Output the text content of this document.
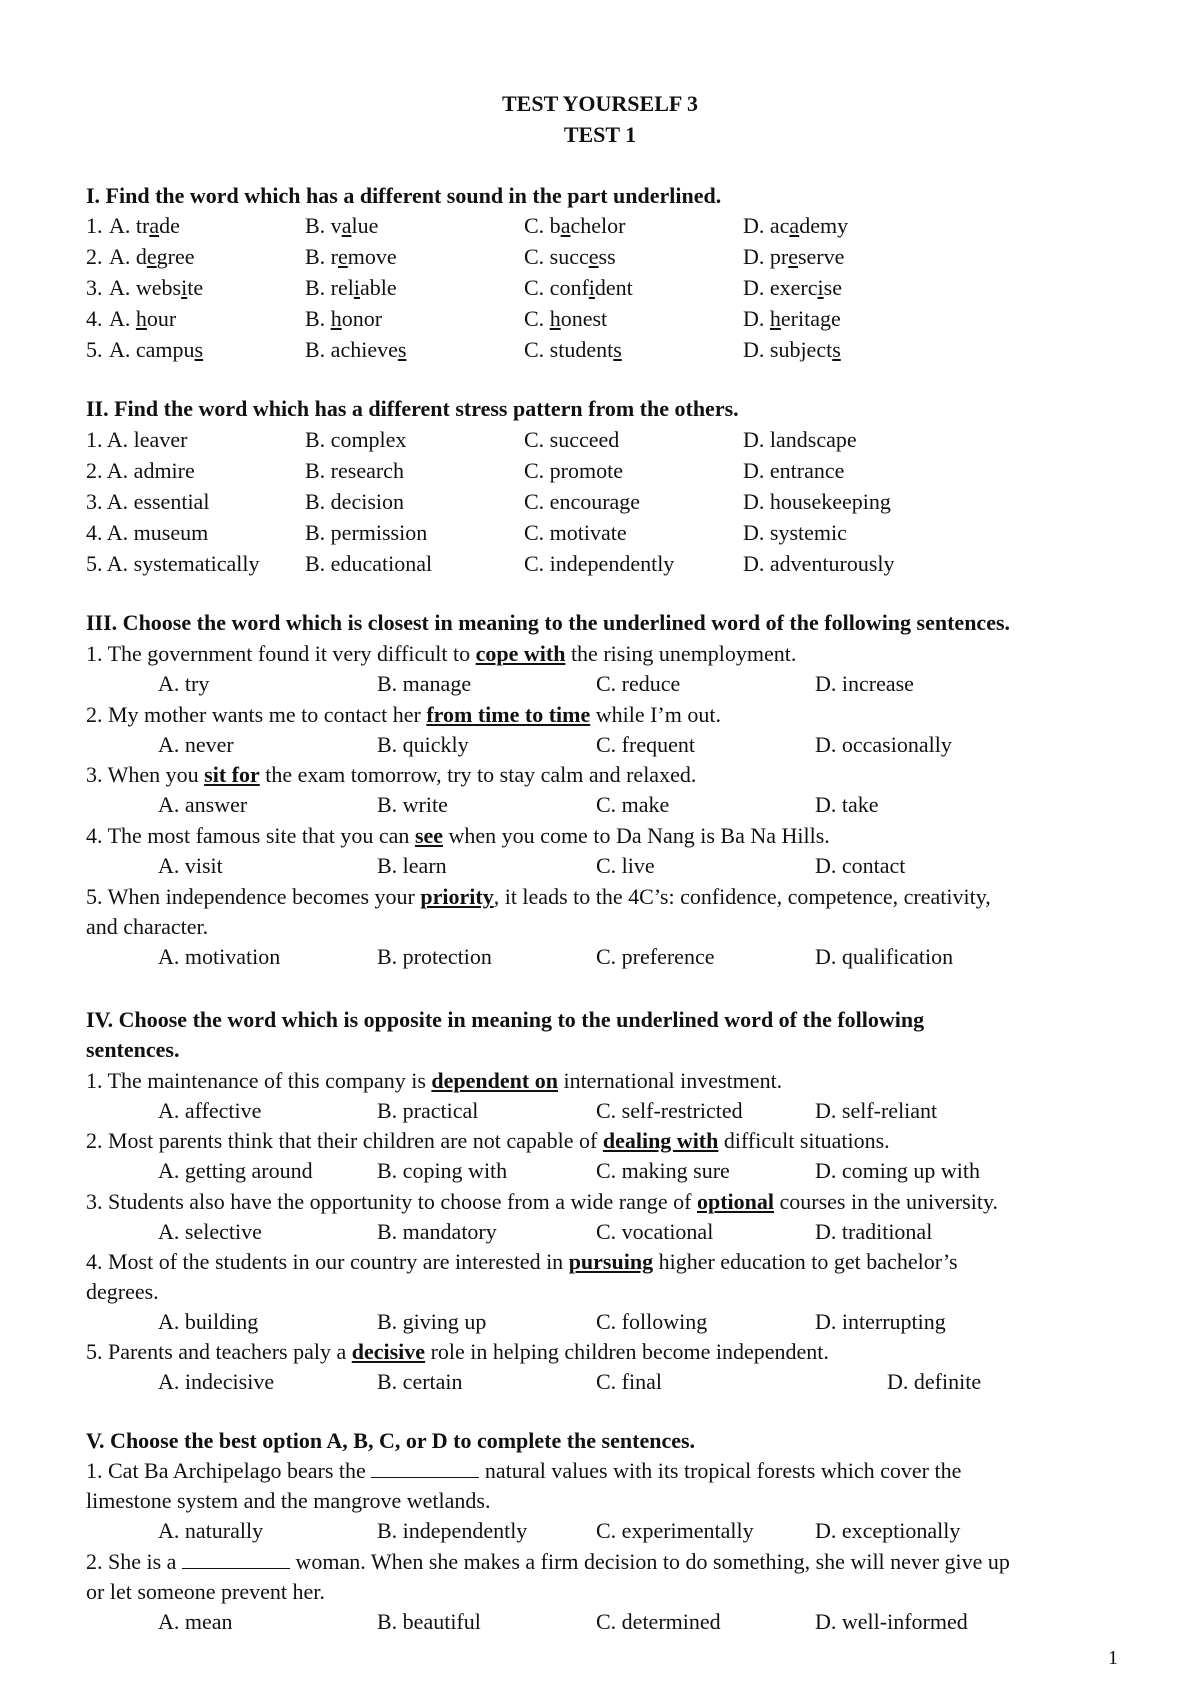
TEST YOURSELF 3
TEST 1
I. Find the word which has a different sound in the part underlined.
1. A. trade	B. value	C. bachelor	D. academy
2. A. degree	B. remove	C. success	D. preserve
3. A. website	B. reliable	C. confident	D. exercise
4. A. hour	B. honor	C. honest	D. heritage
5. A. campus	B. achieves	C. students	D. subjects
II. Find the word which has a different stress pattern from the others.
1. A. leaver	B. complex	C. succeed	D. landscape
2. A. admire	B. research	C. promote	D. entrance
3. A. essential	B. decision	C. encourage	D. housekeeping
4. A. museum	B. permission	C. motivate	D. systemic
5. A. systematically B. educational	C. independently	D. adventurously
III. Choose the word which is closest in meaning to the underlined word of the following sentences.
1. The government found it very difficult to cope with the rising unemployment.
A. try	B. manage	C. reduce	D. increase
2. My mother wants me to contact her from time to time while I’m out.
A. never	B. quickly	C. frequent	D. occasionally
3. When you sit for the exam tomorrow, try to stay calm and relaxed.
A. answer	B. write	C. make	D. take
4. The most famous site that you can see when you come to Da Nang is Ba Na Hills.
A. visit	B. learn	C. live	D. contact
5. When independence becomes your priority, it leads to the 4C’s: confidence, competence, creativity,
and character.
A. motivation	B. protection	C. preference	D. qualification
IV. Choose the word which is opposite in meaning to the underlined word of the following
sentences.
1. The maintenance of this company is dependent on international investment.
A. affective	B. practical	C. self-restricted	D. self-reliant
2. Most parents think that their children are not capable of dealing with difficult situations.
A. getting around	B. coping with	C. making sure	D. coming up with
3. Students also have the opportunity to choose from a wide range of optional courses in the university.
A. selective	B. mandatory	C. vocational	D. traditional
4. Most of the students in our country are interested in pursuing higher education to get bachelor’s
degrees.
A. building	B. giving up	C. following	D. interrupting
5. Parents and teachers paly a decisive role in helping children become independent.
A. indecisive	B. certain	C. final	D. definite
V. Choose the best option A, B, C, or D to complete the sentences.
1. Cat Ba Archipelago bears the	natural values with its tropical forests which cover the
limestone system and the mangrove wetlands.
A. naturally	B. independently	C. experimentally	D. exceptionally
2. She is a	woman. When she makes a firm decision to do something, she will never give up
or let someone prevent her.
A. mean	B. beautiful	C. determined	D. well-informed
1
